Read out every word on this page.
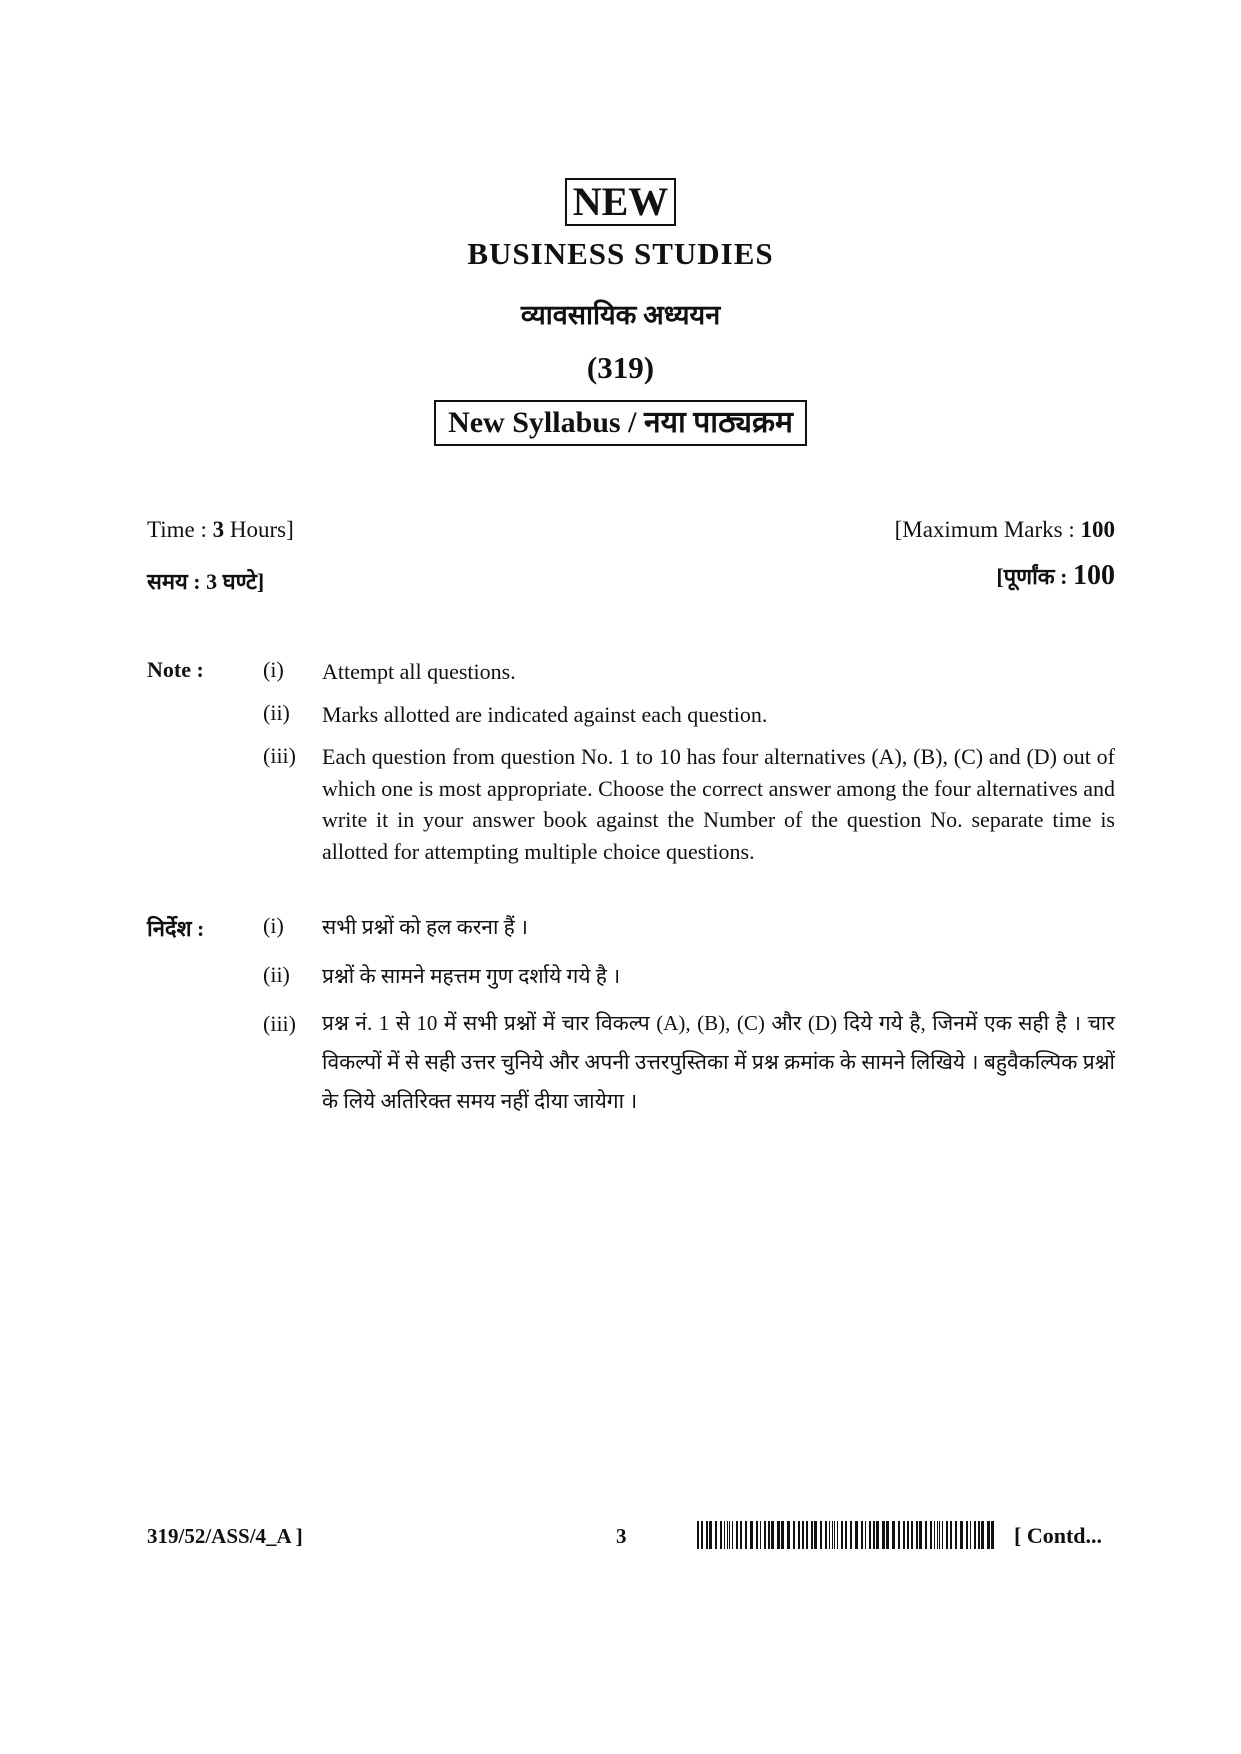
NEW
BUSINESS STUDIES
व्यावसायिक अध्ययन
(319)
New Syllabus / नया पाठ्यक्रम
Time : 3 Hours]	[Maximum Marks : 100
समय : 3 घण्टे]	[पूर्णांक : 100
Note :	(i) Attempt all questions.
(ii) Marks allotted are indicated against each question.
(iii) Each question from question No. 1 to 10 has four alternatives (A), (B), (C) and (D) out of which one is most appropriate. Choose the correct answer among the four alternatives and write it in your answer book against the Number of the question No. separate time is allotted for attempting multiple choice questions.
निर्देश :	(i) सभी प्रश्नों को हल करना हैं ।
(ii) प्रश्नों के सामने महत्तम गुण दर्शाये गये है ।
(iii) प्रश्न नं. 1 से 10 में सभी प्रश्नों में चार विकल्प (A), (B), (C) और (D) दिये गये है, जिनमें एक सही है । चार विकल्पों में से सही उत्तर चुनिये और अपनी उत्तरपुस्तिका में प्रश्न क्रमांक के सामने लिखिये । बहुवैकल्पिक प्रश्नों के लिये अतिरिक्त समय नहीं दीया जायेगा ।
319/52/ASS/4_A ]	3	[ Contd...
